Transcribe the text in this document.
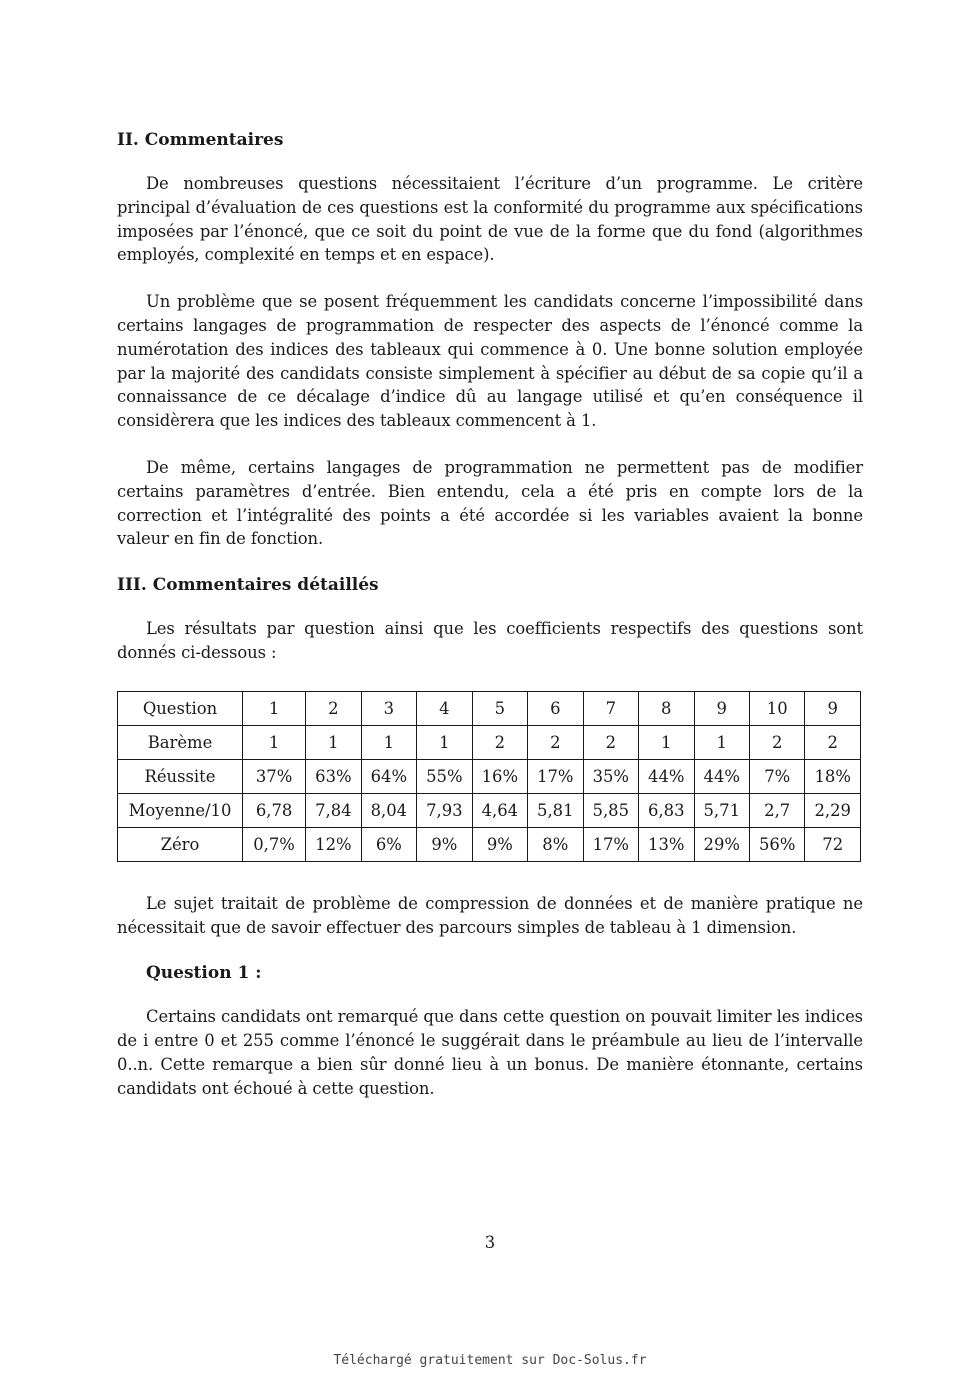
II. Commentaires

De nombreuses questions nécessitaient l’écriture d’un programme. Le critère principal d’évaluation de ces questions est la conformité du programme aux spécifications imposées par l’énoncé, que ce soit du point de vue de la forme que du fond (algorithmes employés, complexité en temps et en espace).

Un problème que se posent fréquemment les candidats concerne l’impossibilité dans certains langages de programmation de respecter des aspects de l’énoncé comme la numérotation des indices des tableaux qui commence à 0. Une bonne solution employée par la majorité des candidats consiste simplement à spécifier au début de sa copie qu’il a connaissance de ce décalage d’indice dû au langage utilisé et qu’en conséquence il considèrera que les indices des tableaux commencent à 1.

De même, certains langages de programmation ne permettent pas de modifier certains paramètres d’entrée. Bien entendu, cela a été pris en compte lors de la correction et l’intégralité des points a été accordée si les variables avaient la bonne valeur en fin de fonction.

III. Commentaires détaillés

Les résultats par question ainsi que les coefficients respectifs des questions sont donnés ci-dessous :

Question	1	2	3	4	5	6	7	8	9	10	9
Barème	1	1	1	1	2	2	2	1	1	2	2
Réussite	37%	63%	64%	55%	16%	17%	35%	44%	44%	7%	18%
Moyenne/10	6,78	7,84	8,04	7,93	4,64	5,81	5,85	6,83	5,71	2,7	2,29
Zéro	0,7%	12%	6%	9%	9%	8%	17%	13%	29%	56%	72

Le sujet traitait de problème de compression de données et de manière pratique ne nécessitait que de savoir effectuer des parcours simples de tableau à 1 dimension.

Question 1 :

Certains candidats ont remarqué que dans cette question on pouvait limiter les indices de i entre 0 et 255 comme l’énoncé le suggérait dans le préambule au lieu de l’intervalle 0..n. Cette remarque a bien sûr donné lieu à un bonus. De manière étonnante, certains candidats ont échoué à cette question.

3
Téléchargé gratuitement sur Doc-Solus.fr
